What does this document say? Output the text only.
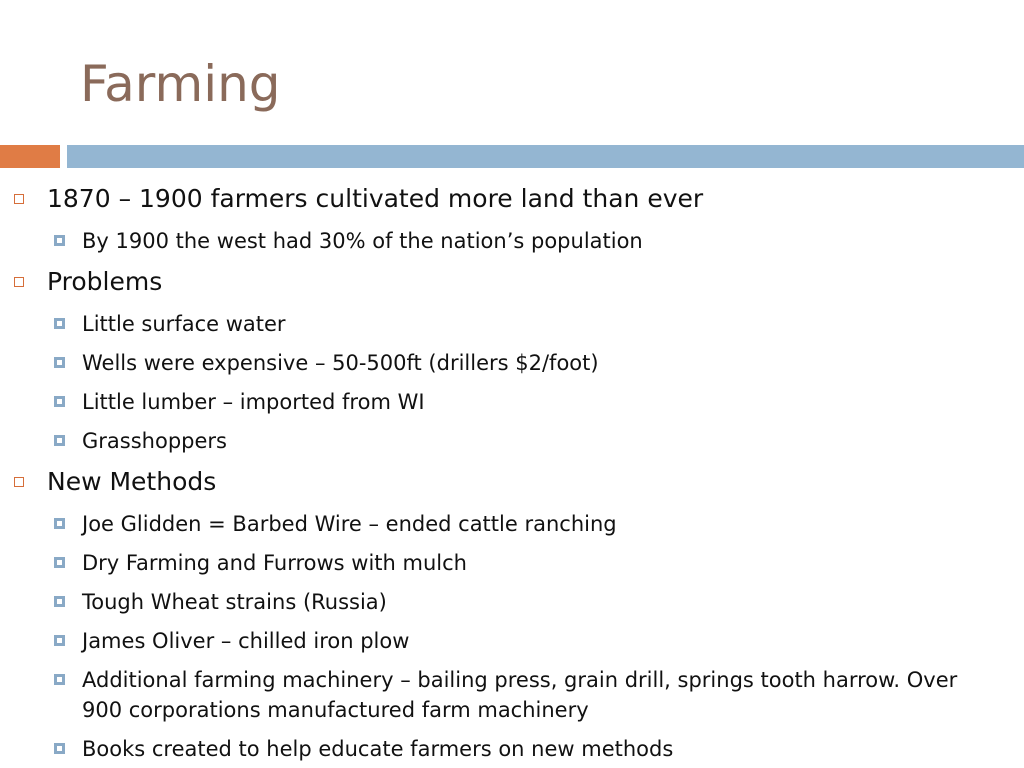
Farming
1870 – 1900 farmers cultivated more land than ever
By 1900 the west had 30% of the nation’s population
Problems
Little surface water
Wells were expensive – 50-500ft (drillers $2/foot)
Little lumber – imported from WI
Grasshoppers
New Methods
Joe Glidden = Barbed Wire – ended cattle ranching
Dry Farming and Furrows with mulch
Tough Wheat strains (Russia)
James Oliver – chilled iron plow
Additional farming machinery – bailing press, grain drill, springs tooth harrow. Over 900 corporations manufactured farm machinery
Books created to help educate farmers on new methods
